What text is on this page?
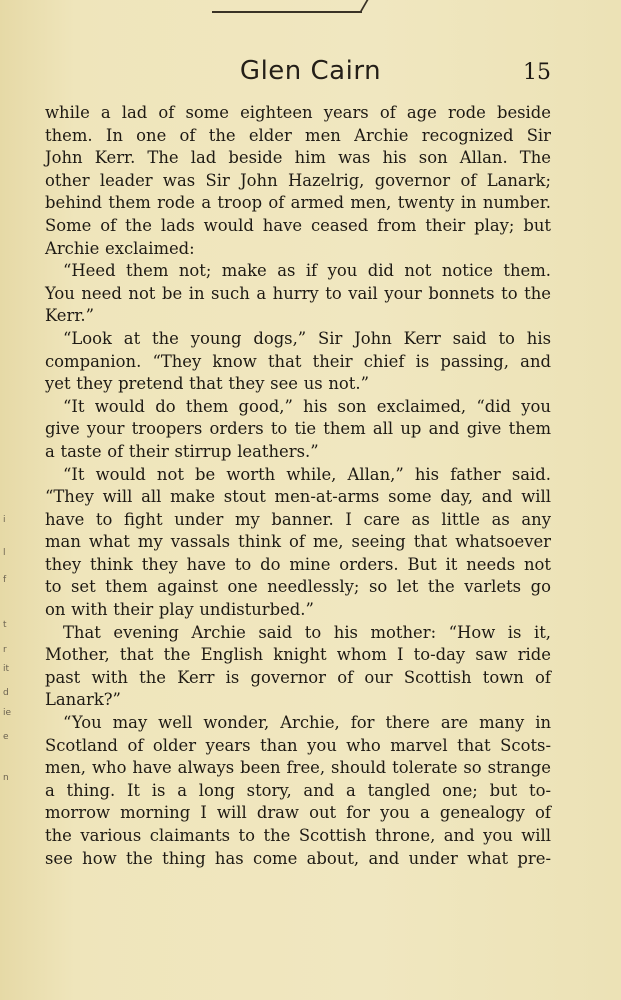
Glen Cairn	15
while a lad of some eighteen years of age rode beside
them. In one of the elder men Archie recognized Sir
John Kerr. The lad beside him was his son Allan. The
other leader was Sir John Hazelrig, governor of Lanark;
behind them rode a troop of armed men, twenty in number.
Some of the lads would have ceased from their play; but
Archie exclaimed:
“Heed them not; make as if you did not notice them.
You need not be in such a hurry to vail your bonnets to the
Kerr.”
“Look at the young dogs,” Sir John Kerr said to his
companion. “They know that their chief is passing, and
yet they pretend that they see us not.”
“It would do them good,” his son exclaimed, “did you
give your troopers orders to tie them all up and give them
a taste of their stirrup leathers.”
“It would not be worth while, Allan,” his father said.
“They will all make stout men-at-arms some day, and will
have to fight under my banner. I care as little as any
man what my vassals think of me, seeing that whatsoever
they think they have to do mine orders. But it needs not
to set them against one needlessly; so let the varlets go
on with their play undisturbed.”
That evening Archie said to his mother: “How is it,
Mother, that the English knight whom I to-day saw ride
past with the Kerr is governor of our Scottish town of
Lanark?”
“You may well wonder, Archie, for there are many in
Scotland of older years than you who marvel that Scots-
men, who have always been free, should tolerate so strange
a thing. It is a long story, and a tangled one; but to-
morrow morning I will draw out for you a genealogy of
the various claimants to the Scottish throne, and you will
see how the thing has come about, and under what pre-
i
l
f
t
r
it
d
ie
e
n
